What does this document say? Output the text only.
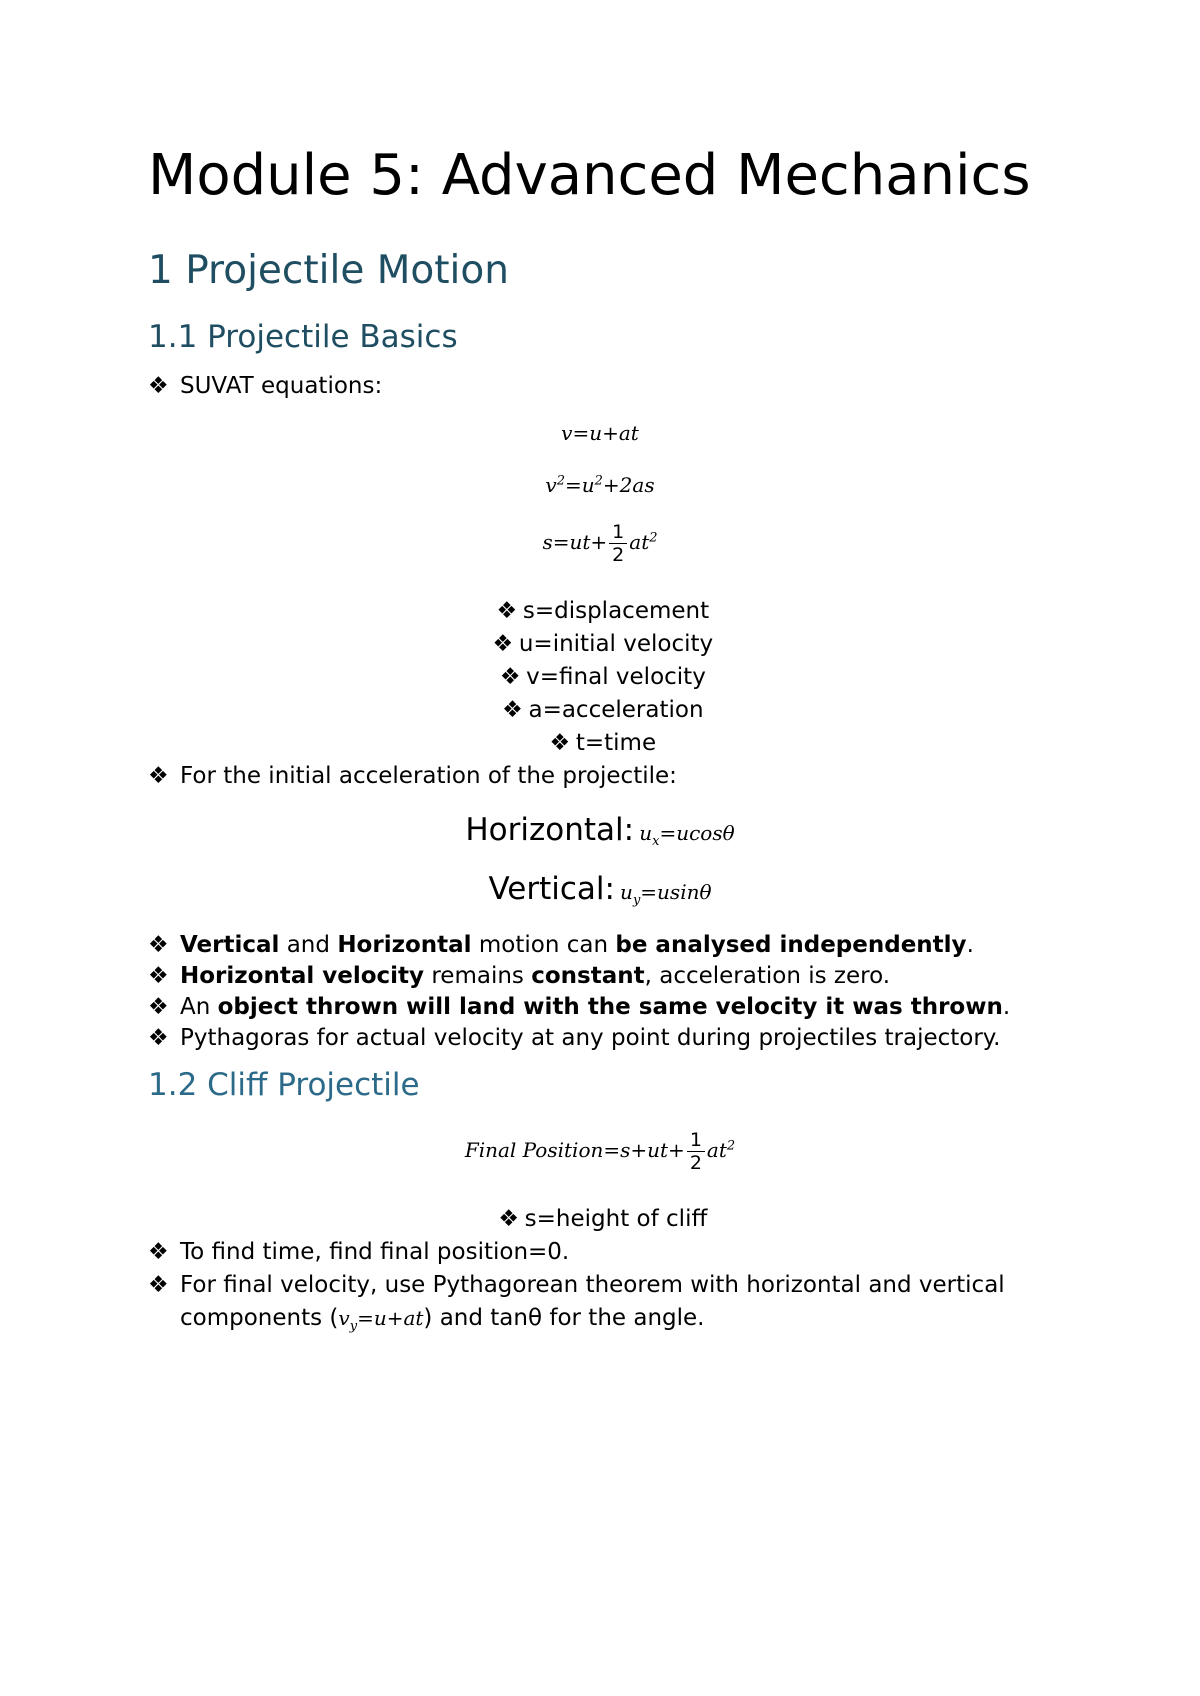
Module 5: Advanced Mechanics
1 Projectile Motion
1.1 Projectile Basics
❖ SUVAT equations:
v=u+at
$v^2=u^2+2as$
$s=ut+ \frac{1}{2} at^2$
❖ s=displacement
❖ u=initial velocity
❖ v=final velocity
❖ a=acceleration
❖ t=time
❖ For the initial acceleration of the projectile:
Horizontal: $u_x=ucos\theta$
Vertical: $u_y=usin\theta$
❖ Vertical and Horizontal motion can be analysed independently.
❖ Horizontal velocity remains constant, acceleration is zero.
❖ An object thrown will land with the same velocity it was thrown.
❖ Pythagoras for actual velocity at any point during projectiles trajectory.
1.2 Cliff Projectile
Final Position=s+ut+ $\frac{1}{2} at^2$
❖ s=height of cliff
❖ To find time, find final position=0.
❖ For final velocity, use Pythagorean theorem with horizontal and vertical
components $(v_y=u+at)$ and tanθ for the angle.
